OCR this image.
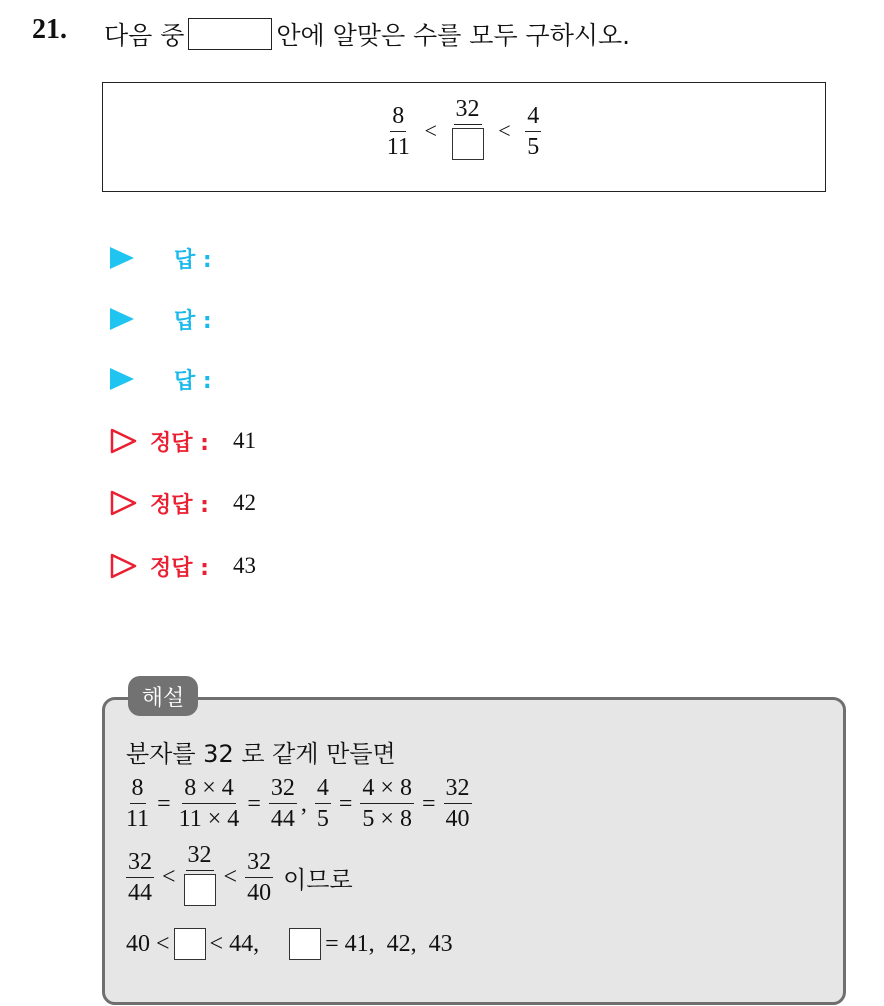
21. 다음 중	안에 알맞은 수를 모두 구하시오.
$\frac{8}{11}$ <
32
< $\frac{4}{5}$
답 :
답 :
답 :
정답 : 41
정답 : 42
정답 : 43
해설
분자를 32 로 같게 만들면
$\frac{8}{11} = \frac{8 \times 4}{11 \times 4} = \frac{32}{44}$ , $\frac{4}{5} = \frac{4 \times 8}{5 \times 8} = \frac{32}{40}$
$\frac{32}{44}$ <
32
< $\frac{32}{40}$ 이므로
40 < < 44,	= 41,  42,  43
